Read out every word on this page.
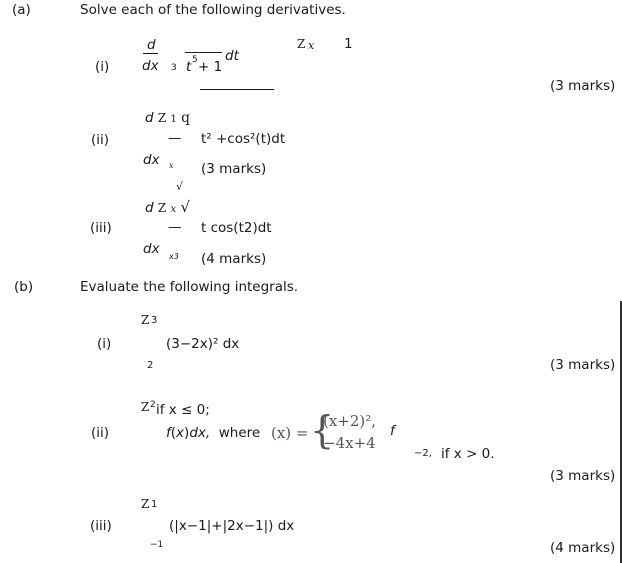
(a)	Solve each of the following derivatives.
(i)
d
dx 3 t 5 + 1
dt
Z x 1
(3 marks)
(ii)
d Z 1 q
— t² +cos²(t)dt
dx x (3 marks)
√
d Z x √
(iii)	— t cos(t2)dt
dx x3 (4 marks)
(b)	Evaluate the following integrals.
Z 3
(i)	(3−2x)² dx
2	(3 marks)
Z 2 if x ≤ 0;
(ii)	f(x)dx,  where (x) = {
(x+2)²,
−4x+4
f
−2, if x > 0.
(3 marks)
Z 1
(iii)	(|x−1|+|2x−1|) dx
−1	(4 marks)
